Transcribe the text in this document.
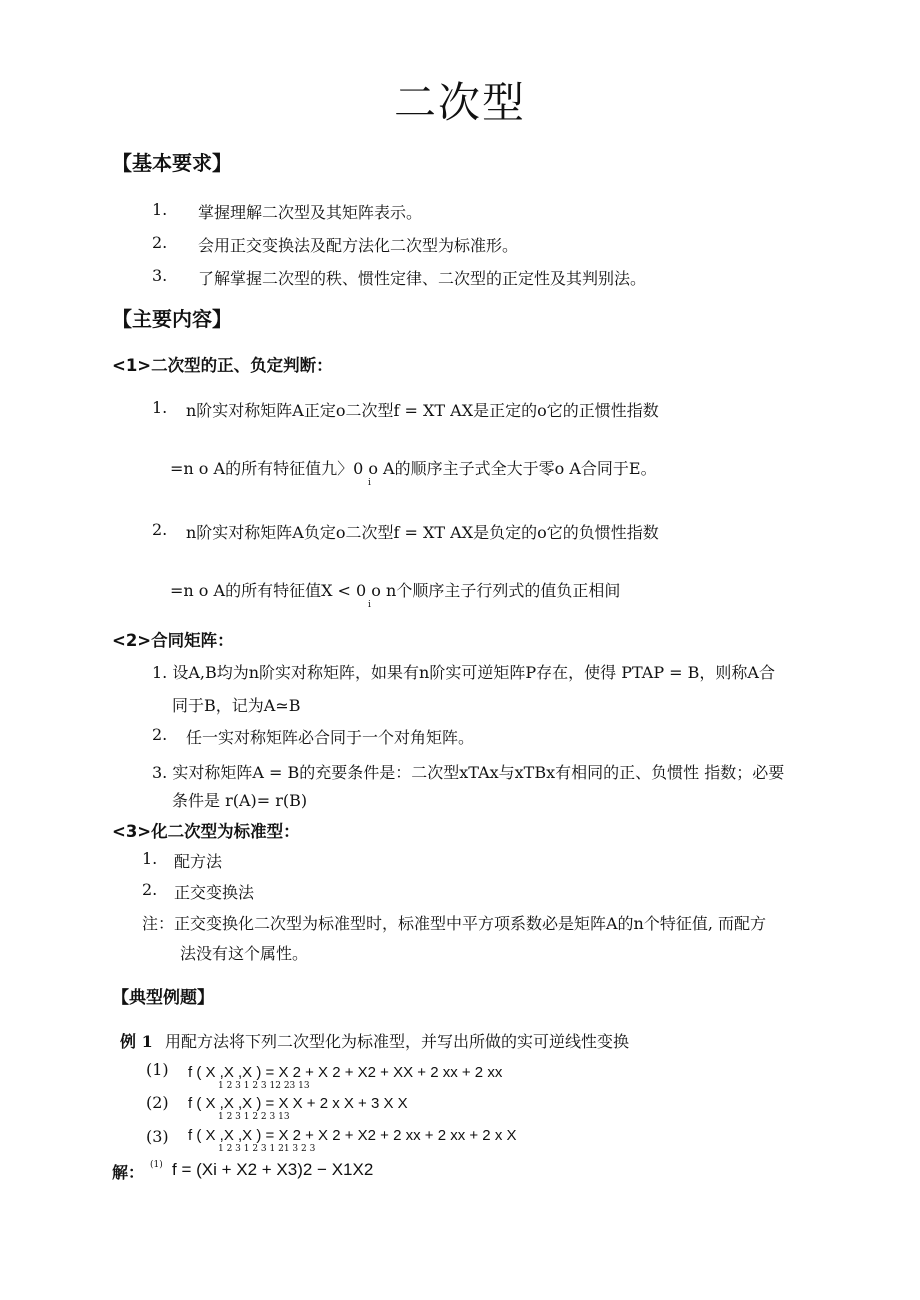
二次型
【基本要求】
1. 掌握理解二次型及其矩阵表示。
2. 会用正交变换法及配方法化二次型为标准形。
3. 了解掌握二次型的秩、惯性定律、二次型的正定性及其判别法。
【主要内容】
<1>二次型的正、负定判断：
1. n阶实对称矩阵A正定o二次型f = XT AX是正定的o它的正惯性指数
=n o A的所有特征值九〉0 o A的顺序主子式全大于零o A合同于E。
i
2. n阶实对称矩阵A负定o二次型f = XT AX是负定的o它的负惯性指数
=n o A的所有特征值X < 0 o n个顺序主子行列式的值负正相间
i
<2>合同矩阵：
1. 设A,B均为n阶实对称矩阵，如果有n阶实可逆矩阵P存在，使得 PTAP = B，则称A合
同于B，记为A≃B
2. 任一实对称矩阵必合同于一个对角矩阵。
3. 实对称矩阵A = B的充要条件是：二次型xTAx与xTBx有相同的正、负惯性 指数；必要
条件是 r(A)= r(B)
<3>化二次型为标准型：
1. 配方法
2. 正交变换法
注：正交变换化二次型为标准型时，标准型中平方项系数必是矩阵A的n个特征值, 而配方
法没有这个属性。
【典型例题】
例 1 用配方法将下列二次型化为标准型，并写出所做的实可逆线性变换
(1) f ( X ,X ,X ) = X 2 + X 2 + X2 + XX + 2 xx + 2 xx
1 2 3 1 2 3 12 23 13
(2) f ( X ,X ,X ) = X X + 2 x X + 3 X X
1 2 3 1 2 2 3 13
(3) f ( X ,X ,X ) = X 2 + X 2 + X2 + 2 xx + 2 xx + 2 x X
1 2 3 1 2 3 1 21 3 2 3
解： (1) f = (Xi + X2 + X3)2 − X1X2
